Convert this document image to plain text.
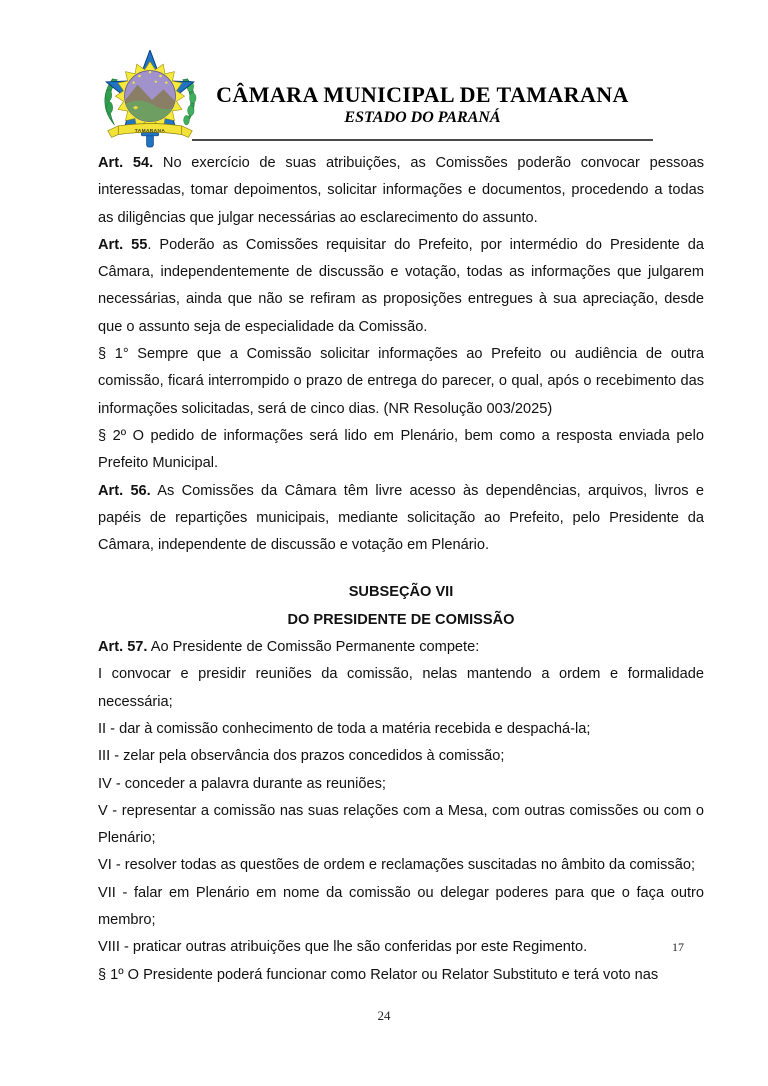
TAMARANA
CÂMARA MUNICIPAL DE TAMARANA
ESTADO DO PARANÁ

Art. 54. No exercício de suas atribuições, as Comissões poderão convocar pessoas interessadas, tomar depoimentos, solicitar informações e documentos, procedendo a todas as diligências que julgar necessárias ao esclarecimento do assunto.

Art. 55. Poderão as Comissões requisitar do Prefeito, por intermédio do Presidente da Câmara, independentemente de discussão e votação, todas as informações que julgarem necessárias, ainda que não se refiram as proposições entregues à sua apreciação, desde que o assunto seja de especialidade da Comissão.

§ 1° Sempre que a Comissão solicitar informações ao Prefeito ou audiência de outra comissão, ficará interrompido o prazo de entrega do parecer, o qual, após o recebimento das informações solicitadas, será de cinco dias. (NR Resolução 003/2025)

§ 2º O pedido de informações será lido em Plenário, bem como a resposta enviada pelo Prefeito Municipal.

Art. 56. As Comissões da Câmara têm livre acesso às dependências, arquivos, livros e papéis de repartições municipais, mediante solicitação ao Prefeito, pelo Presidente da Câmara, independente de discussão e votação em Plenário.

SUBSEÇÃO VII

DO PRESIDENTE DE COMISSÃO

Art. 57. Ao Presidente de Comissão Permanente compete:

I convocar e presidir reuniões da comissão, nelas mantendo a ordem e formalidade necessária;

II - dar à comissão conhecimento de toda a matéria recebida e despachá-la;

III - zelar pela observância dos prazos concedidos à comissão;

IV - conceder a palavra durante as reuniões;

V - representar a comissão nas suas relações com a Mesa, com outras comissões ou com o Plenário;

VI - resolver todas as questões de ordem e reclamações suscitadas no âmbito da comissão;

VII - falar em Plenário em nome da comissão ou delegar poderes para que o faça outro membro;

VIII - praticar outras atribuições que lhe são conferidas por este Regimento.	17

§ 1º O Presidente poderá funcionar como Relator ou Relator Substituto e terá voto nas

24
